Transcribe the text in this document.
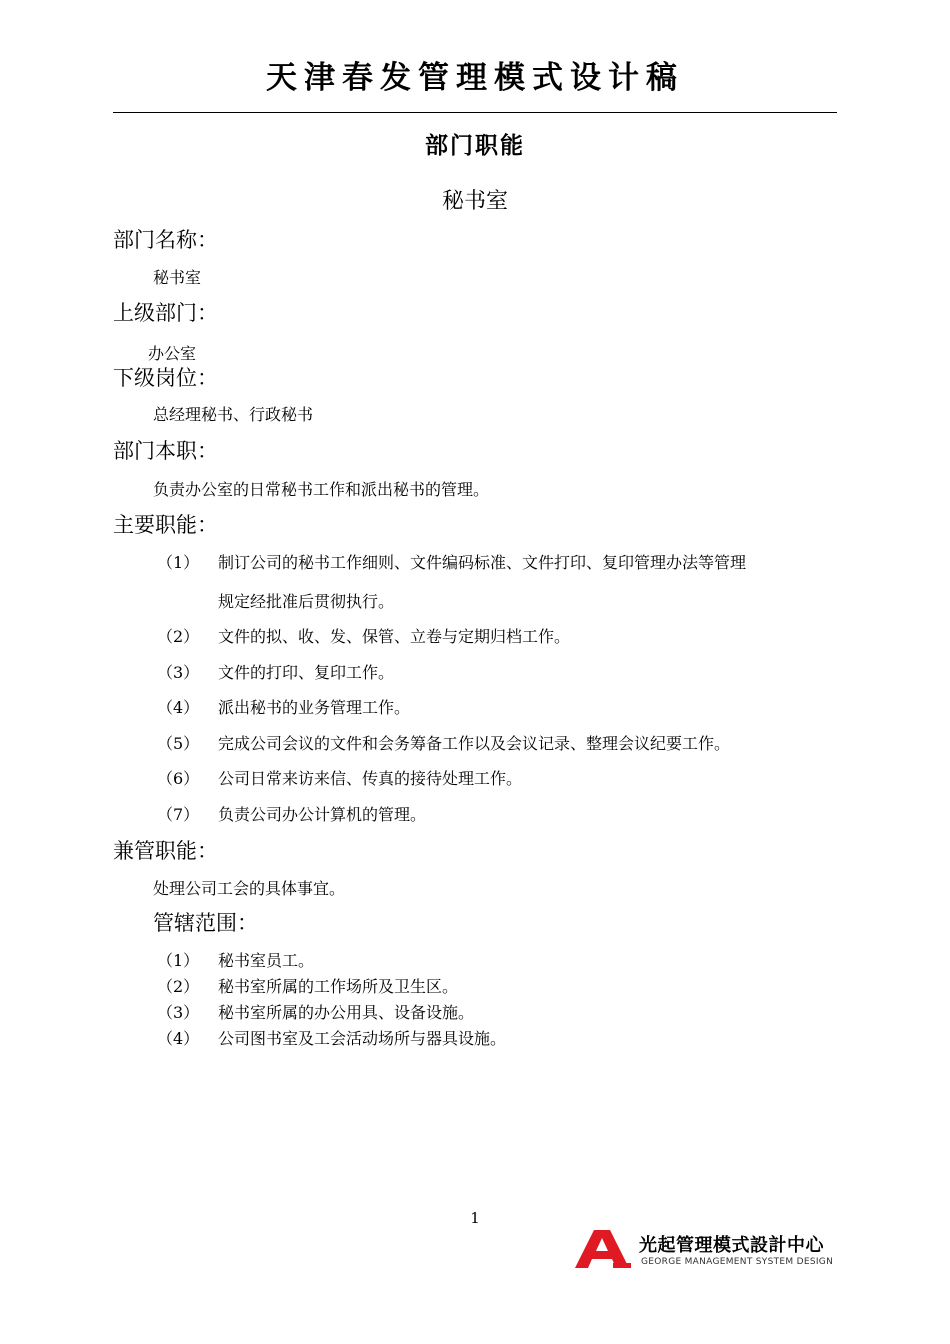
天津春发管理模式设计稿
部门职能
秘书室
部门名称：
秘书室
上级部门：
办公室
下级岗位：
总经理秘书、行政秘书
部门本职：
负责办公室的日常秘书工作和派出秘书的管理。
主要职能：
（1） 制订公司的秘书工作细则、文件编码标准、文件打印、复印管理办法等管理
规定经批准后贯彻执行。
（2） 文件的拟、收、发、保管、立卷与定期归档工作。
（3） 文件的打印、复印工作。
（4） 派出秘书的业务管理工作。
（5） 完成公司会议的文件和会务筹备工作以及会议记录、整理会议纪要工作。
（6） 公司日常来访来信、传真的接待处理工作。
（7） 负责公司办公计算机的管理。
兼管职能：
处理公司工会的具体事宜。
管辖范围：
（1） 秘书室员工。
（2） 秘书室所属的工作场所及卫生区。
（3） 秘书室所属的办公用具、设备设施。
（4） 公司图书室及工会活动场所与器具设施。
1
光起管理模式設計中心
GEORGE MANAGEMENT SYSTEM DESIGN
